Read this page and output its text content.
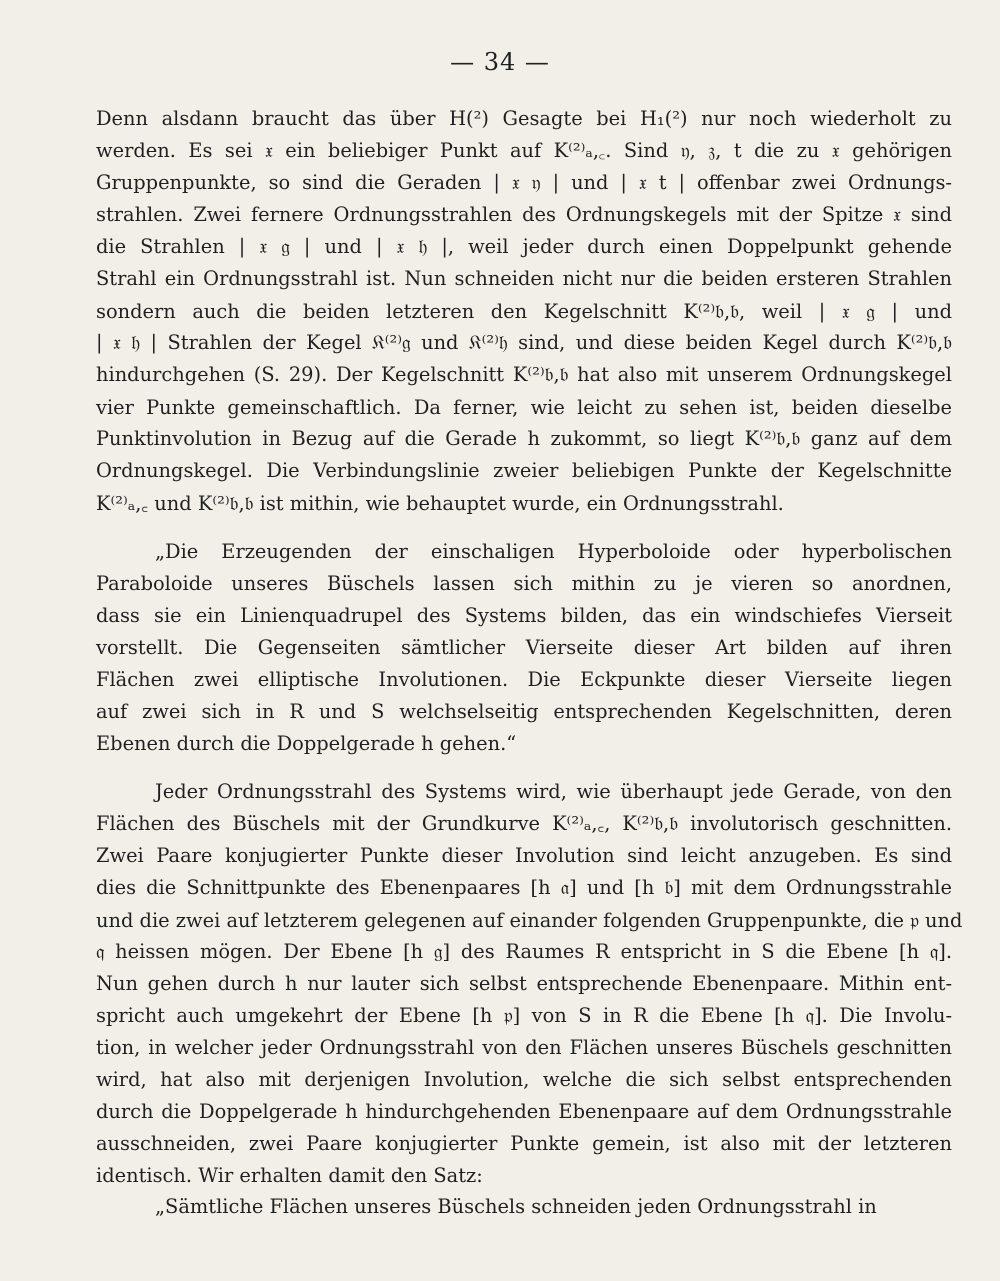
— 34 —
Denn alsdann braucht das über H(²) Gesagte bei H₁(²) nur noch wiederholt zu
werden. Es sei 𝔵 ein beliebiger Punkt auf K⁽²⁾ₐ,꜀. Sind 𝔶, 𝔷, t die zu 𝔵 gehörigen
Gruppenpunkte, so sind die Geraden | 𝔵 𝔶 | und | 𝔵 t | offenbar zwei Ordnungs-
strahlen. Zwei fernere Ordnungsstrahlen des Ordnungskegels mit der Spitze 𝔵 sind
die Strahlen | 𝔵 𝔤 | und | 𝔵 𝔥 |, weil jeder durch einen Doppelpunkt gehende
Strahl ein Ordnungsstrahl ist. Nun schneiden nicht nur die beiden ersteren Strahlen
sondern auch die beiden letzteren den Kegelschnitt K⁽²⁾𝔟,𝔟, weil | 𝔵 𝔤 | und
| 𝔵 𝔥 | Strahlen der Kegel 𝔎⁽²⁾𝔤 und 𝔎⁽²⁾𝔥 sind, und diese beiden Kegel durch K⁽²⁾𝔟,𝔟
hindurchgehen (S. 29). Der Kegelschnitt K⁽²⁾𝔟,𝔟 hat also mit unserem Ordnungskegel
vier Punkte gemeinschaftlich. Da ferner, wie leicht zu sehen ist, beiden dieselbe
Punktinvolution in Bezug auf die Gerade h zukommt, so liegt K⁽²⁾𝔟,𝔟 ganz auf dem
Ordnungskegel. Die Verbindungslinie zweier beliebigen Punkte der Kegelschnitte
K⁽²⁾ₐ,꜀ und K⁽²⁾𝔟,𝔟 ist mithin, wie behauptet wurde, ein Ordnungsstrahl.
„Die Erzeugenden der einschaligen Hyperboloide oder hyperbolischen
Paraboloide unseres Büschels lassen sich mithin zu je vieren so anordnen,
dass sie ein Linienquadrupel des Systems bilden, das ein windschiefes Vierseit
vorstellt. Die Gegenseiten sämtlicher Vierseite dieser Art bilden auf ihren
Flächen zwei elliptische Involutionen. Die Eckpunkte dieser Vierseite liegen
auf zwei sich in R und S welchselseitig entsprechenden Kegelschnitten, deren
Ebenen durch die Doppelgerade h gehen.“
Jeder Ordnungsstrahl des Systems wird, wie überhaupt jede Gerade, von den
Flächen des Büschels mit der Grundkurve K⁽²⁾ₐ,꜀, K⁽²⁾𝔟,𝔟 involutorisch geschnitten.
Zwei Paare konjugierter Punkte dieser Involution sind leicht anzugeben. Es sind
dies die Schnittpunkte des Ebenenpaares [h 𝔞] und [h 𝔟] mit dem Ordnungsstrahle
und die zwei auf letzterem gelegenen auf einander folgenden Gruppenpunkte, die 𝔭 und
𝔮 heissen mögen. Der Ebene [h 𝔤] des Raumes R entspricht in S die Ebene [h 𝔮].
Nun gehen durch h nur lauter sich selbst entsprechende Ebenenpaare. Mithin ent-
spricht auch umgekehrt der Ebene [h 𝔭] von S in R die Ebene [h 𝔮]. Die Involu-
tion, in welcher jeder Ordnungsstrahl von den Flächen unseres Büschels geschnitten
wird, hat also mit derjenigen Involution, welche die sich selbst entsprechenden
durch die Doppelgerade h hindurchgehenden Ebenenpaare auf dem Ordnungsstrahle
ausschneiden, zwei Paare konjugierter Punkte gemein, ist also mit der letzteren
identisch. Wir erhalten damit den Satz:
„Sämtliche Flächen unseres Büschels schneiden jeden Ordnungsstrahl in
